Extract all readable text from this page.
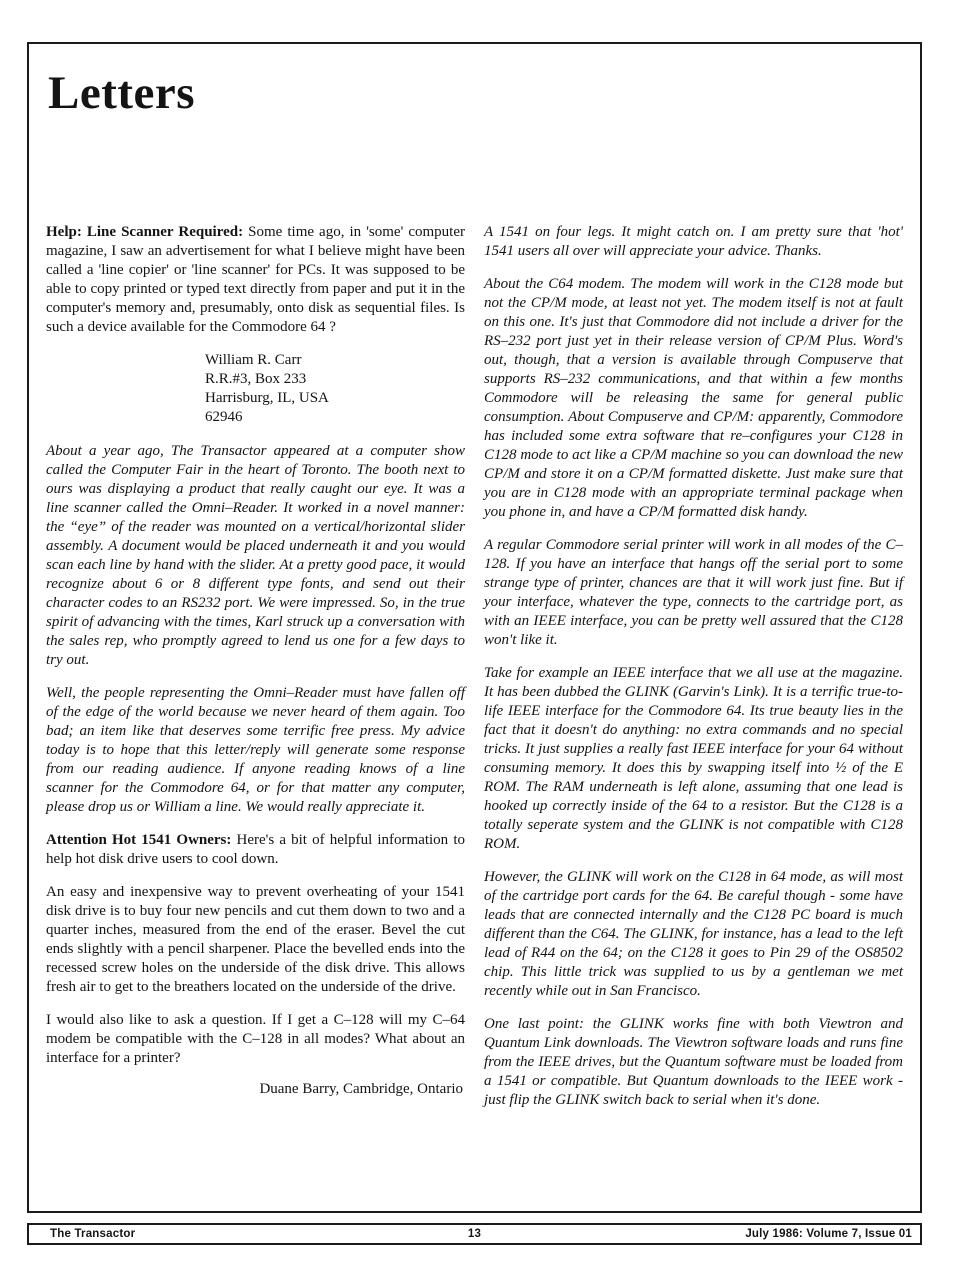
Letters

Help: Line Scanner Required: Some time ago, in 'some' computer magazine, I saw an advertisement for what I believe might have been called a 'line copier' or 'line scanner' for PCs. It was supposed to be able to copy printed or typed text directly from paper and put it in the computer's memory and, presumably, onto disk as sequential files. Is such a device available for the Commodore 64 ?

William R. Carr
R.R.#3, Box 233
Harrisburg, IL, USA
62946

About a year ago, The Transactor appeared at a computer show called the Computer Fair in the heart of Toronto. The booth next to ours was displaying a product that really caught our eye. It was a line scanner called the Omni–Reader. It worked in a novel manner: the “eye” of the reader was mounted on a vertical/horizontal slider assembly. A document would be placed underneath it and you would scan each line by hand with the slider. At a pretty good pace, it would recognize about 6 or 8 different type fonts, and send out their character codes to an RS232 port. We were impressed. So, in the true spirit of advancing with the times, Karl struck up a conversation with the sales rep, who promptly agreed to lend us one for a few days to try out.

Well, the people representing the Omni–Reader must have fallen off of the edge of the world because we never heard of them again. Too bad; an item like that deserves some terrific free press. My advice today is to hope that this letter/reply will generate some response from our reading audience. If anyone reading knows of a line scanner for the Commodore 64, or for that matter any computer, please drop us or William a line. We would really appreciate it.

Attention Hot 1541 Owners: Here's a bit of helpful information to help hot disk drive users to cool down.

An easy and inexpensive way to prevent overheating of your 1541 disk drive is to buy four new pencils and cut them down to two and a quarter inches, measured from the end of the eraser. Bevel the cut ends slightly with a pencil sharpener. Place the bevelled ends into the recessed screw holes on the underside of the disk drive. This allows fresh air to get to the breathers located on the underside of the drive.

I would also like to ask a question. If I get a C–128 will my C–64 modem be compatible with the C–128 in all modes? What about an interface for a printer?

Duane Barry, Cambridge, Ontario

A 1541 on four legs. It might catch on. I am pretty sure that 'hot' 1541 users all over will appreciate your advice. Thanks.

About the C64 modem. The modem will work in the C128 mode but not the CP/M mode, at least not yet. The modem itself is not at fault on this one. It's just that Commodore did not include a driver for the RS–232 port just yet in their release version of CP/M Plus. Word's out, though, that a version is available through Compuserve that supports RS–232 communications, and that within a few months Commodore will be releasing the same for general public consumption. About Compuserve and CP/M: apparently, Commodore has included some extra software that re–configures your C128 in C128 mode to act like a CP/M machine so you can download the new CP/M and store it on a CP/M formatted diskette. Just make sure that you are in C128 mode with an appropriate terminal package when you phone in, and have a CP/M formatted disk handy.

A regular Commodore serial printer will work in all modes of the C–128. If you have an interface that hangs off the serial port to some strange type of printer, chances are that it will work just fine. But if your interface, whatever the type, connects to the cartridge port, as with an IEEE interface, you can be pretty well assured that the C128 won't like it.

Take for example an IEEE interface that we all use at the magazine. It has been dubbed the GLINK (Garvin's Link). It is a terrific true-to-life IEEE interface for the Commodore 64. Its true beauty lies in the fact that it doesn't do anything: no extra commands and no special tricks. It just supplies a really fast IEEE interface for your 64 without consuming memory. It does this by swapping itself into ½ of the E ROM. The RAM underneath is left alone, assuming that one lead is hooked up correctly inside of the 64 to a resistor. But the C128 is a totally seperate system and the GLINK is not compatible with C128 ROM.

However, the GLINK will work on the C128 in 64 mode, as will most of the cartridge port cards for the 64. Be careful though - some have leads that are connected internally and the C128 PC board is much different than the C64. The GLINK, for instance, has a lead to the left lead of R44 on the 64; on the C128 it goes to Pin 29 of the OS8502 chip. This little trick was supplied to us by a gentleman we met recently while out in San Francisco.

One last point: the GLINK works fine with both Viewtron and Quantum Link downloads. The Viewtron software loads and runs fine from the IEEE drives, but the Quantum software must be loaded from a 1541 or compatible. But Quantum downloads to the IEEE work - just flip the GLINK switch back to serial when it's done.

The Transactor	13	July 1986: Volume 7, Issue 01
